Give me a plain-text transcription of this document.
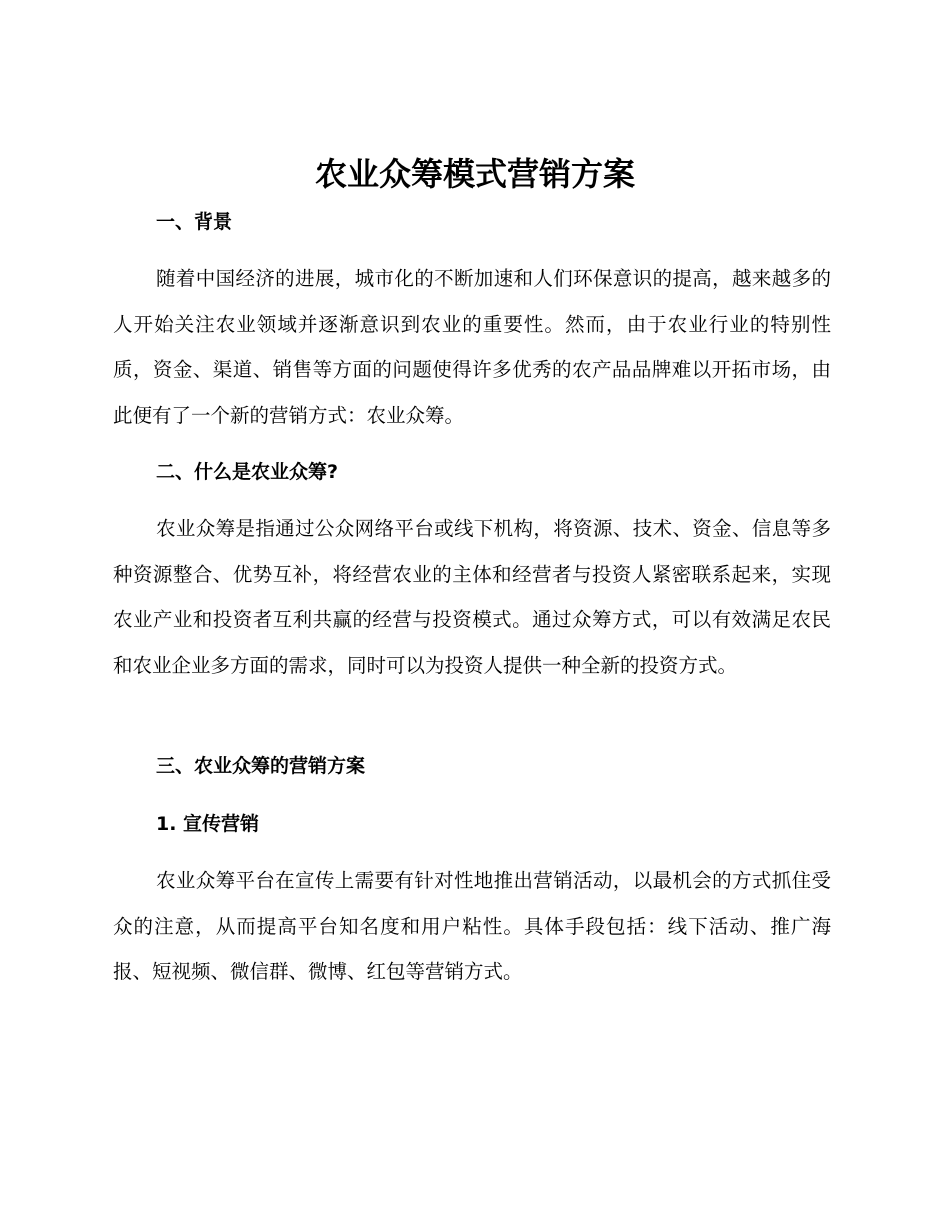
农业众筹模式营销方案
一、背景

随着中国经济的进展，城市化的不断加速和人们环保意识的提高，越来越多的人开始关注农业领域并逐渐意识到农业的重要性。然而，由于农业行业的特别性质，资金、渠道、销售等方面的问题使得许多优秀的农产品品牌难以开拓市场，由此便有了一个新的营销方式：农业众筹。

二、什么是农业众筹?

农业众筹是指通过公众网络平台或线下机构，将资源、技术、资金、信息等多种资源整合、优势互补，将经营农业的主体和经营者与投资人紧密联系起来，实现农业产业和投资者互利共赢的经营与投资模式。通过众筹方式，可以有效满足农民和农业企业多方面的需求，同时可以为投资人提供一种全新的投资方式。

三、农业众筹的营销方案
1. 宣传营销

农业众筹平台在宣传上需要有针对性地推出营销活动，以最机会的方式抓住受众的注意，从而提高平台知名度和用户粘性。具体手段包括：线下活动、推广海报、短视频、微信群、微博、红包等营销方式。
